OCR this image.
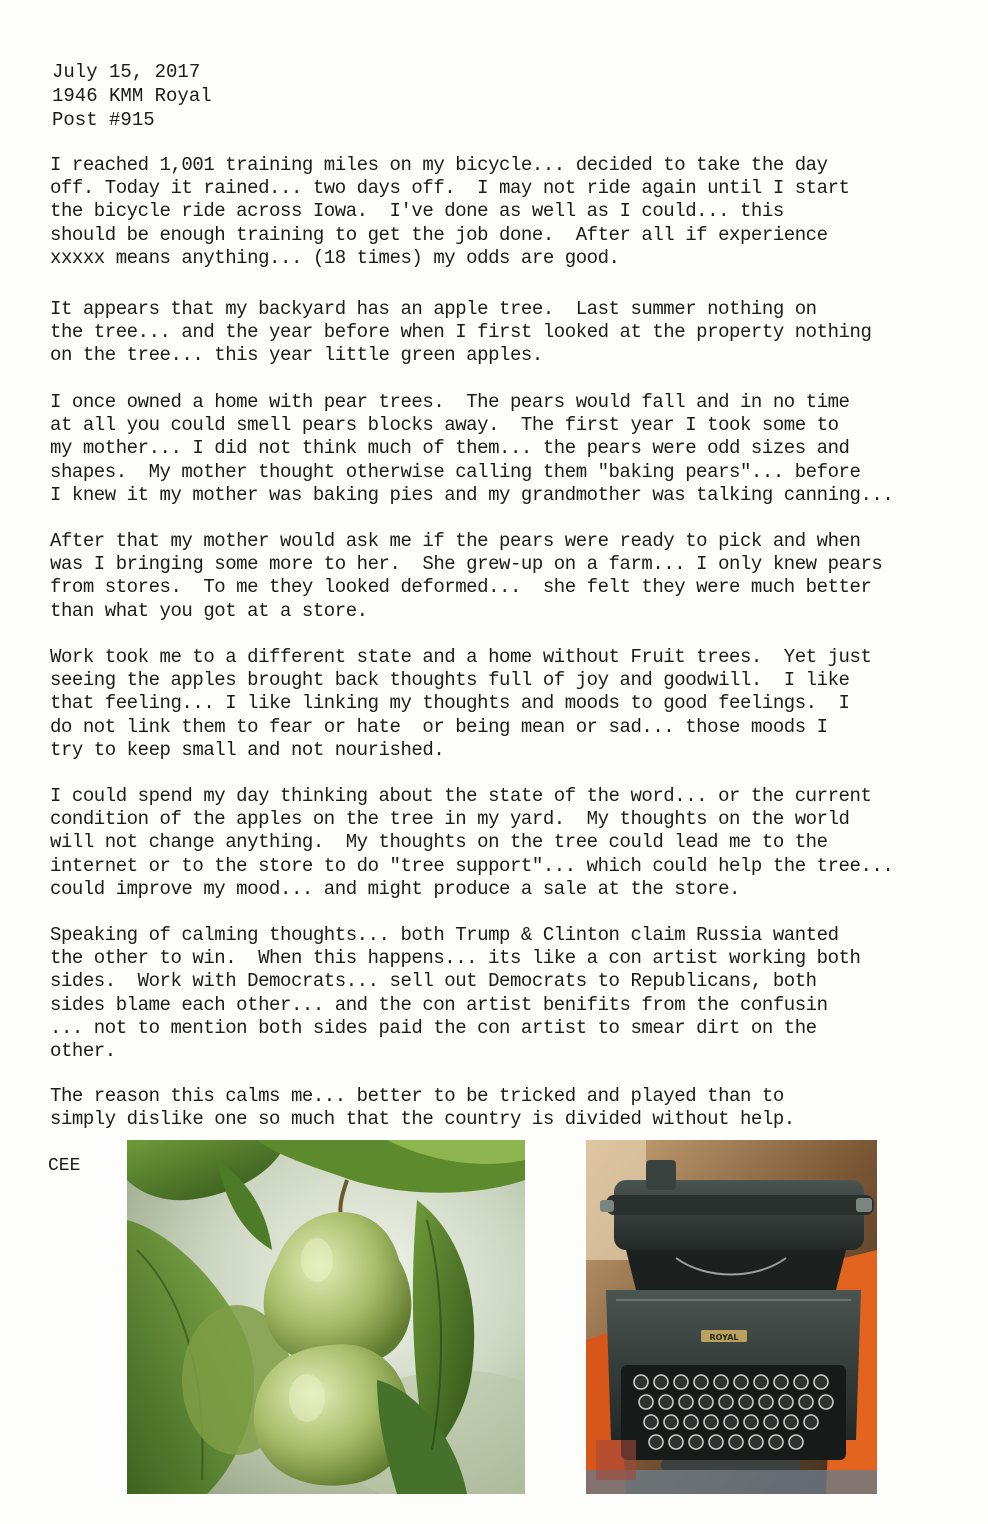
July 15, 2017
1946 KMM Royal
Post #915
I reached 1,001 training miles on my bicycle... decided to take the day
off. Today it rained... two days off.  I may not ride again until I start
the bicycle ride across Iowa.  I've done as well as I could... this
should be enough training to get the job done.  After all if experience
xxxxx means anything... (18 times) my odds are good.
It appears that my backyard has an apple tree.  Last summer nothing on
the tree... and the year before when I first looked at the property nothing
on the tree... this year little green apples.
I once owned a home with pear trees.  The pears would fall and in no time
at all you could smell pears blocks away.  The first year I took some to
my mother... I did not think much of them... the pears were odd sizes and
shapes.  My mother thought otherwise calling them "baking pears"... before
I knew it my mother was baking pies and my grandmother was talking canning...
After that my mother would ask me if the pears were ready to pick and when
was I bringing some more to her.  She grew-up on a farm... I only knew pears
from stores.  To me they looked deformed...  she felt they were much better
than what you got at a store.
Work took me to a different state and a home without Fruit trees.  Yet just
seeing the apples brought back thoughts full of joy and goodwill.  I like
that feeling... I like linking my thoughts and moods to good feelings.  I
do not link them to fear or hate  or being mean or sad... those moods I
try to keep small and not nourished.
I could spend my day thinking about the state of the word... or the current
condition of the apples on the tree in my yard.  My thoughts on the world
will not change anything.  My thoughts on the tree could lead me to the
internet or to the store to do "tree support"... which could help the tree...
could improve my mood... and might produce a sale at the store.
Speaking of calming thoughts... both Trump & Clinton claim Russia wanted
the other to win.  When this happens... its like a con artist working both
sides.  Work with Democrats... sell out Democrats to Republicans, both
sides blame each other... and the con artist benifits from the confusin
... not to mention both sides paid the con artist to smear dirt on the
other.
The reason this calms me... better to be tricked and played than to
simply dislike one so much that the country is divided without help.
CEE
ROYAL
